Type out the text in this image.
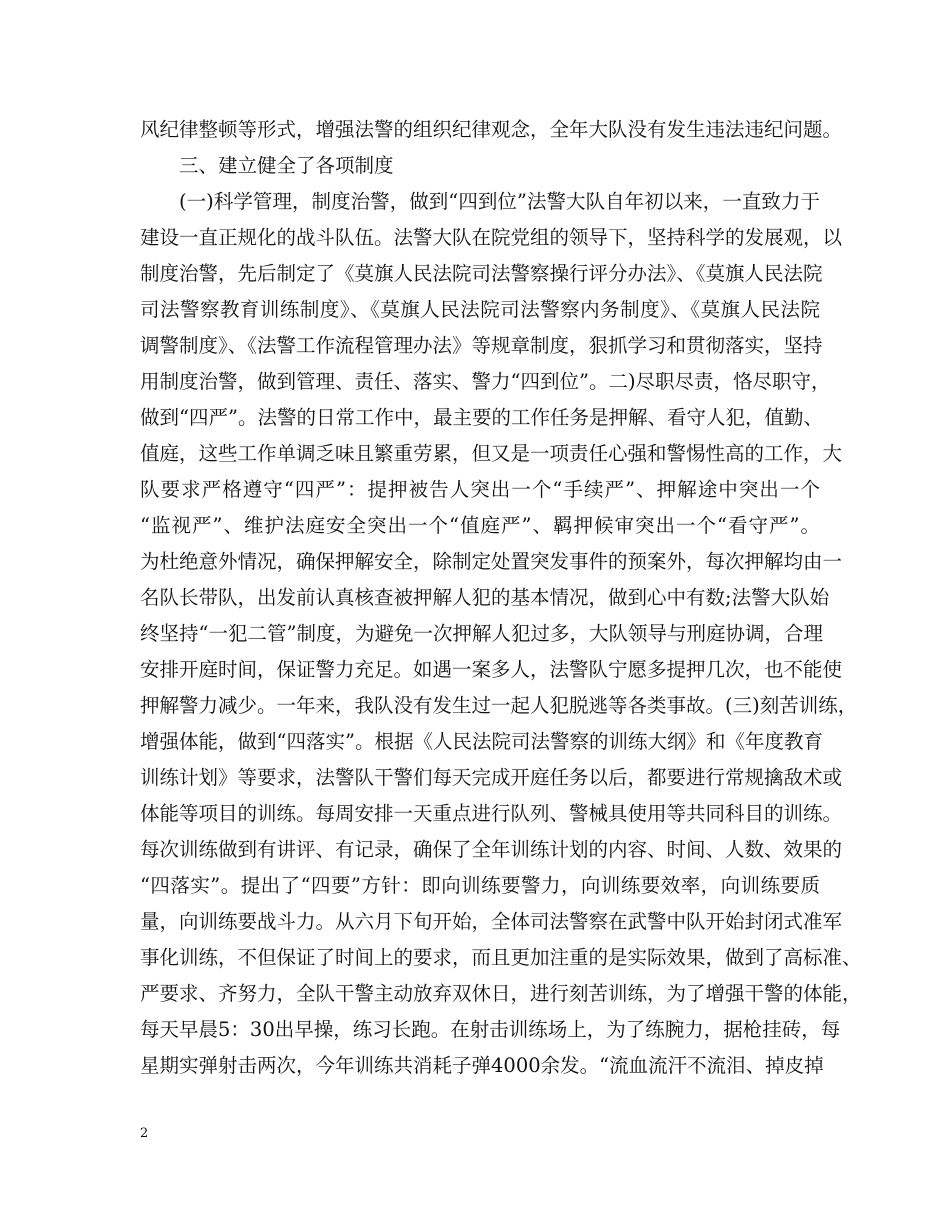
风纪律整顿等形式，增强法警的组织纪律观念，全年大队没有发生违法违纪问题。
三、建立健全了各项制度
(一)科学管理，制度治警，做到“四到位”法警大队自年初以来，一直致力于
建设一直正规化的战斗队伍。法警大队在院党组的领导下，坚持科学的发展观，以
制度治警，先后制定了《莫旗人民法院司法警察操行评分办法》、《莫旗人民法院
司法警察教育训练制度》、《莫旗人民法院司法警察内务制度》、《莫旗人民法院
调警制度》、《法警工作流程管理办法》等规章制度，狠抓学习和贯彻落实，坚持
用制度治警，做到管理、责任、落实、警力“四到位”。二)尽职尽责，恪尽职守，
做到“四严”。法警的日常工作中，最主要的工作任务是押解、看守人犯，值勤、
值庭，这些工作单调乏味且繁重劳累，但又是一项责任心强和警惕性高的工作，大
队要求严格遵守“四严”：提押被告人突出一个“手续严”、押解途中突出一个
“监视严”、维护法庭安全突出一个“值庭严”、羁押候审突出一个“看守严”。
为杜绝意外情况，确保押解安全，除制定处置突发事件的预案外，每次押解均由一
名队长带队，出发前认真核查被押解人犯的基本情况，做到心中有数;法警大队始
终坚持“一犯二管”制度，为避免一次押解人犯过多，大队领导与刑庭协调，合理
安排开庭时间，保证警力充足。如遇一案多人，法警队宁愿多提押几次，也不能使
押解警力减少。一年来，我队没有发生过一起人犯脱逃等各类事故。(三)刻苦训练，
增强体能，做到“四落实”。根据《人民法院司法警察的训练大纲》和《年度教育
训练计划》等要求，法警队干警们每天完成开庭任务以后，都要进行常规擒敌术或
体能等项目的训练。每周安排一天重点进行队列、警械具使用等共同科目的训练。
每次训练做到有讲评、有记录，确保了全年训练计划的内容、时间、人数、效果的
“四落实”。提出了“四要”方针：即向训练要警力，向训练要效率，向训练要质
量，向训练要战斗力。从六月下旬开始，全体司法警察在武警中队开始封闭式准军
事化训练，不但保证了时间上的要求，而且更加注重的是实际效果，做到了高标准、
严要求、齐努力，全队干警主动放弃双休日，进行刻苦训练，为了增强干警的体能，
每天早晨5：30出早操，练习长跑。在射击训练场上，为了练腕力，据枪挂砖，每
星期实弹射击两次，今年训练共消耗子弹4000余发。“流血流汗不流泪、掉皮掉
2
